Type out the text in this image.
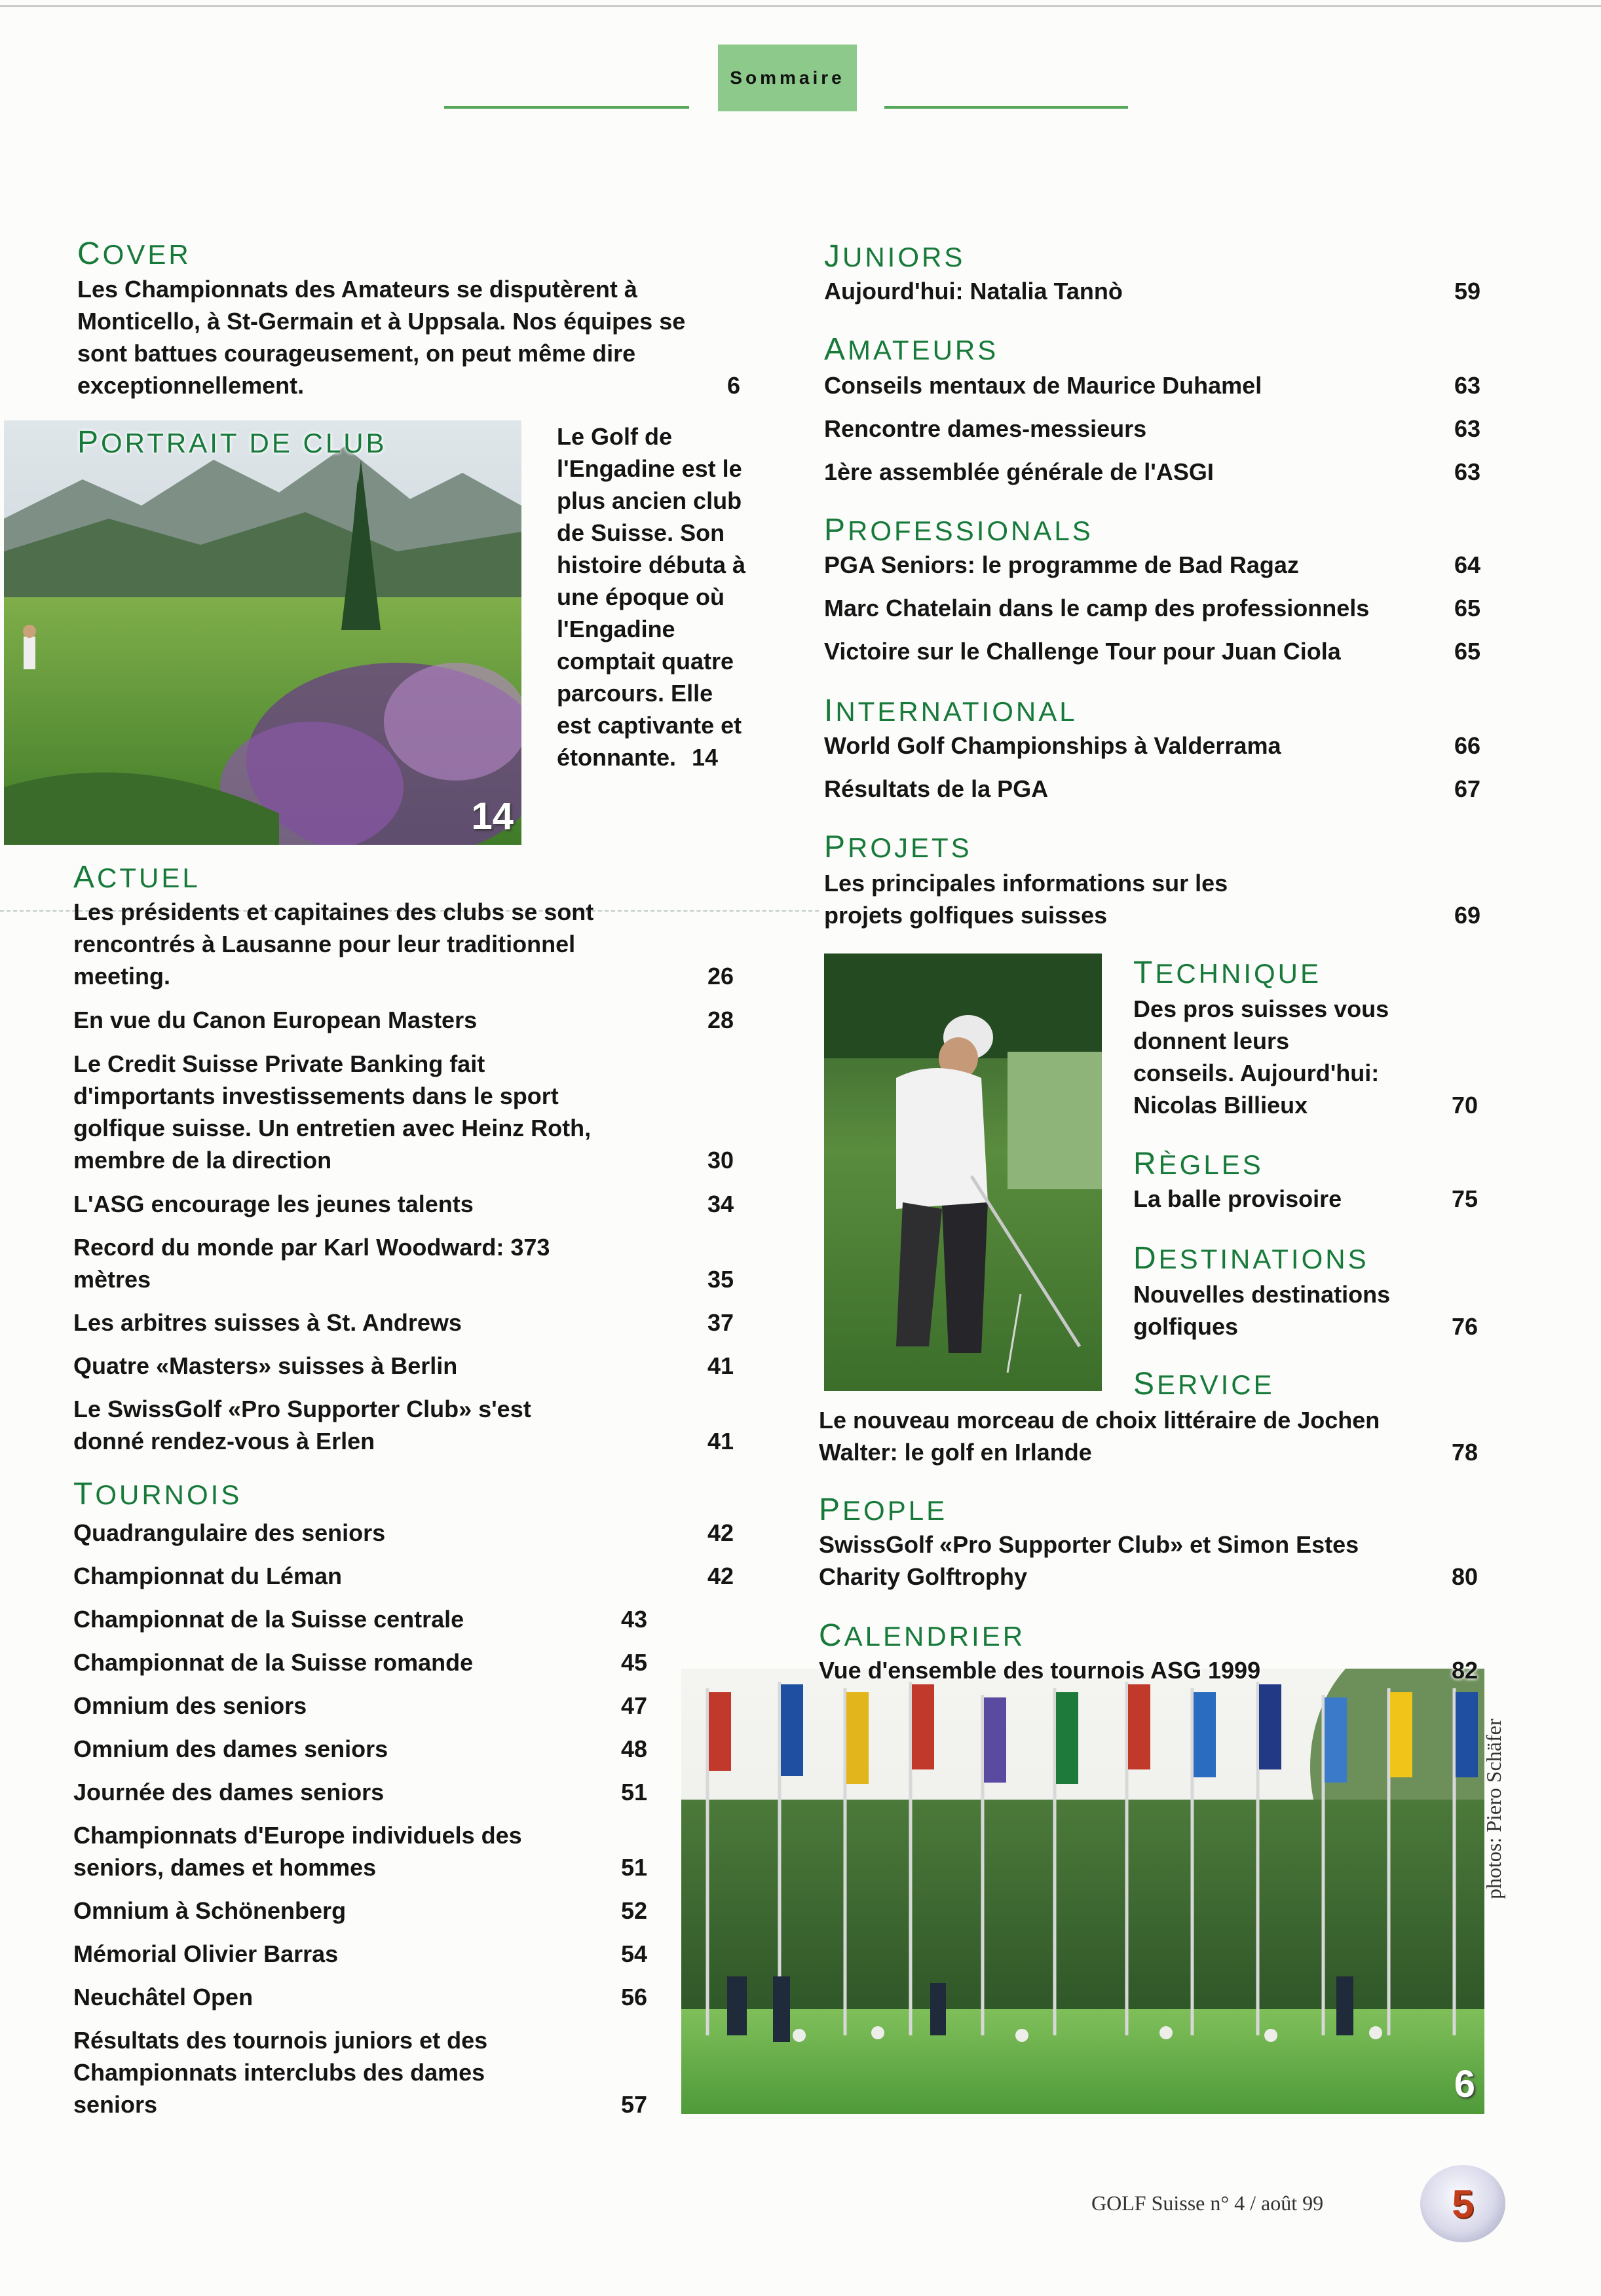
Sommaire
COVER
Les Championnats des Amateurs se disputèrent à Monticello, à St-Germain et à Uppsala. Nos équipes se sont battues courageusement, on peut même dire exceptionnellement.	6
14
PORTRAIT DE CLUB	Le Golf de l'Engadine est le plus ancien club de Suisse. Son histoire débuta à une époque où l'Engadine comptait quatre parcours. Elle est captivante et étonnante. 14
ACTUEL
Les présidents et capitaines des clubs se sont rencontrés à Lausanne pour leur traditionnel meeting.	26
En vue du Canon European Masters	28
Le Credit Suisse Private Banking fait d'importants investissements dans le sport golfique suisse. Un entretien avec Heinz Roth, membre de la direction	30
L'ASG encourage les jeunes talents	34
Record du monde par Karl Woodward: 373 mètres	35
Les arbitres suisses à St. Andrews	37
Quatre «Masters» suisses à Berlin	41
Le SwissGolf «Pro Supporter Club» s'est donné rendez-vous à Erlen	41
TOURNOIS
Quadrangulaire des seniors	42
Championnat du Léman	42
Championnat de la Suisse centrale	43
Championnat de la Suisse romande	45
Omnium des seniors	47
Omnium des dames seniors	48
Journée des dames seniors	51
Championnats d'Europe individuels des seniors, dames et hommes	51
Omnium à Schönenberg	52
Mémorial Olivier Barras	54
Neuchâtel Open	56
Résultats des tournois juniors et des Championnats interclubs des dames seniors	57
JUNIORS
Aujourd'hui: Natalia Tannò	59
AMATEURS
Conseils mentaux de Maurice Duhamel	63
Rencontre dames-messieurs	63
1ère assemblée générale de l'ASGI	63
PROFESSIONALS
PGA Seniors: le programme de Bad Ragaz	64
Marc Chatelain dans le camp des professionnels	65
Victoire sur le Challenge Tour pour Juan Ciola	65
INTERNATIONAL
World Golf Championships à Valderrama	66
Résultats de la PGA	67
PROJETS
Les principales informations sur les projets golfiques suisses	69
TECHNIQUE
Des pros suisses vous donnent leurs conseils. Aujourd'hui: Nicolas Billieux	70
RÈGLES
La balle provisoire	75
DESTINATIONS
Nouvelles destinations golfiques	76
SERVICE
Le nouveau morceau de choix littéraire de Jochen Walter: le golf en Irlande	78
PEOPLE
SwissGolf «Pro Supporter Club» et Simon Estes Charity Golftrophy	80
CALENDRIER
6
Vue d'ensemble des tournois ASG 1999	82
photos: Piero Schäfer
GOLF Suisse n° 4 / août 99	5
